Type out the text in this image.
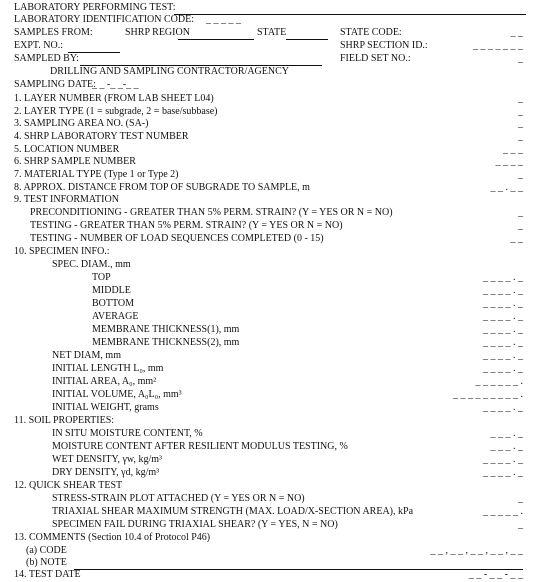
LABORATORY PERFORMING TEST:
LABORATORY IDENTIFICATION CODE: _ _ _ _ _
SAMPLES FROM:	SHRP REGION	STATE	STATE CODE:	_ _
EXPT. NO.:	SHRP SECTION ID.:	_ _ _ _ _ _ _
SAMPLED BY:	FIELD SET NO.:	_
DRILLING AND SAMPLING CONTRACTOR/AGENCY
SAMPLING DATE:
_ _ -_ _-_ _
1. LAYER NUMBER (FROM LAB SHEET L04)	_
2. LAYER TYPE (1 = subgrade, 2 = base/subbase)	_
3. SAMPLING AREA NO. (SA-)	_
4. SHRP LABORATORY TEST NUMBER	_
5. LOCATION NUMBER	_ _ _
6. SHRP SAMPLE NUMBER	_ _ _ _
7. MATERIAL TYPE (Type 1 or Type 2)	_
8. APPROX. DISTANCE FROM TOP OF SUBGRADE TO SAMPLE, m	_ _ . _ _
9. TEST INFORMATION
PRECONDITIONING - GREATER THAN 5% PERM. STRAIN? (Y = YES OR N = NO)	_
TESTING - GREATER THAN 5% PERM. STRAIN? (Y = YES OR N = NO)	_
TESTING - NUMBER OF LOAD SEQUENCES COMPLETED (0 - 15)	_ _
10. SPECIMEN INFO.:
SPEC. DIAM., mm
TOP	_ _ _ _ . _
MIDDLE	_ _ _ _ . _
BOTTOM	_ _ _ _ . _
AVERAGE	_ _ _ _ . _
MEMBRANE THICKNESS(1), mm	_ _ _ _ . _
MEMBRANE THICKNESS(2), mm	_ _ _ _ . _
NET DIAM, mm	_ _ _ _ . _
INITIAL LENGTH L₀, mm	_ _ _ _ . _
INITIAL AREA, A₀, mm²	_ _ _ _ _ _ .
INITIAL VOLUME, A₀L₀, mm³	_ _ _ _ _ _ _ _ _ .
INITIAL WEIGHT, grams	_ _ _ _ . _
11. SOIL PROPERTIES:
IN SITU MOISTURE CONTENT, %	_ _ _ . _
MOISTURE CONTENT AFTER RESILIENT MODULUS TESTING, %	_ _ _ . _
WET DENSITY, γw, kg/m³	_ _ _ _ . _
DRY DENSITY, γd, kg/m³	_ _ _ _ . _
12. QUICK SHEAR TEST
STRESS-STRAIN PLOT ATTACHED (Y = YES OR N = NO)	_
TRIAXIAL SHEAR MAXIMUM STRENGTH (MAX. LOAD/X-SECTION AREA), kPa	_ _ _ _ _ .
SPECIMEN FAIL DURING TRIAXIAL SHEAR? (Y = YES, N = NO)	_
13. COMMENTS (Section 10.4 of Protocol P46)
(a) CODE	_ _ , _ _ , _ _ , _ _ , _ _
(b) NOTE
14. TEST DATE	_ _ - _ _ - _ _
